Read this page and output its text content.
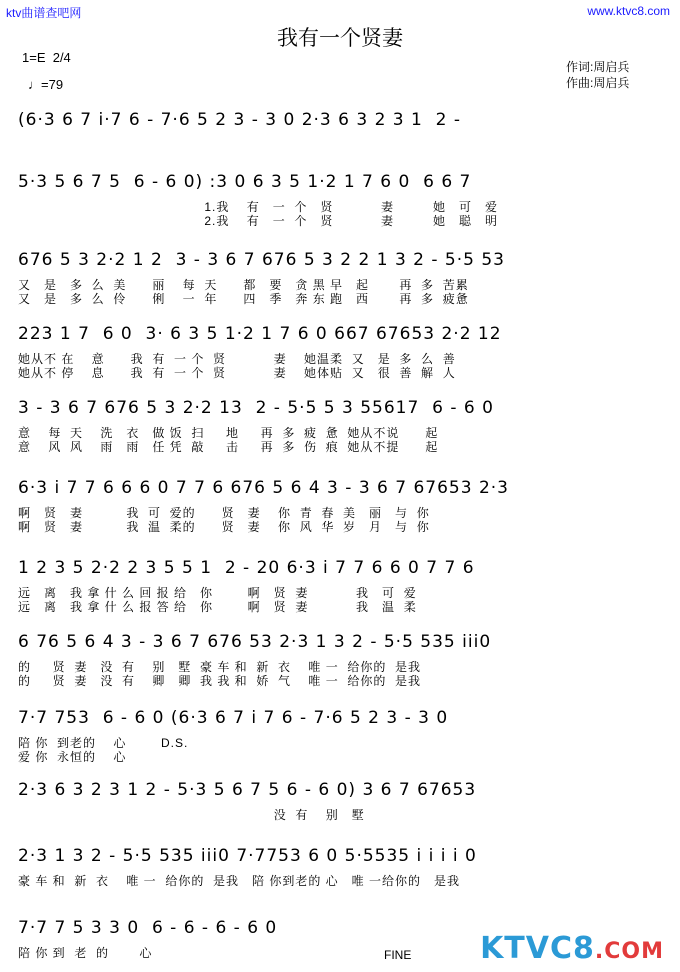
ktv曲谱查吧网	www.ktvc8.com
我有一个贤妻
1=E  2/4
♩=79
作词:周启兵
作曲:周启兵
(6·3 6 7 i·7 6 - 7·6 5 2 3 - 3 0 2·3 6 3 2 3 1  2 -
5·3 5 6 7 5  6 - 6 0) :3 0 6 3 5 1·2 1 7 6 0  6 6 7
1.我    有   一  个   贤           妻         她   可   爱
2.我    有   一  个   贤           妻         她   聪   明
676 5 3 2·2 1 2  3 - 3 6 7 676 5 3 2 2 1 3 2 - 5·5 53
又   是   多  么  美      丽    每  天      都   要   贪 黑 早   起       再  多  苦累
又   是   多  么  伶      俐    一  年      四   季   奔 东 跑   西       再  多  疲惫
223 1 7  6 0  3· 6 3 5 1·2 1 7 6 0 667 67653 2·2 12
她从不 在    意      我  有  一 个  贤           妻    她温柔  又   是  多  么  善
她从不 停    息      我  有  一 个  贤           妻    她体贴  又   很  善  解  人
3 - 3 6 7 676 5 3 2·2 13  2 - 5·5 5 3 55617  6 - 6 0
意    每  天    洗   衣   做 饭  扫     地     再  多  疲  惫  她从不说      起
意    风  风    雨   雨   任 凭  敲     击     再  多  伤  痕  她从不提      起
6·3 i 7 7 6 6 6 0 7 7 6 676 5 6 4 3 - 3 6 7 67653 2·3
啊   贤   妻          我  可  爱的      贤   妻    你  青  春  美   丽   与  你
啊   贤   妻          我  温  柔的      贤   妻    你  风  华  岁   月   与  你
1 2 3 5 2·2 2 3 5 5 1  2 - 20 6·3 i 7 7 6 6 0 7 7 6
远   离   我 拿 什 么 回 报 给   你        啊   贤  妻           我   可  爱
远   离   我 拿 什 么 报 答 给   你        啊   贤  妻           我   温  柔
6 76 5 6 4 3 - 3 6 7 676 53 2·3 1 3 2 - 5·5 535 iii0
的     贤  妻   没  有    别   墅  豪 车 和  新  衣    唯 一  给你的  是我
的     贤  妻   没  有    卿   卿  我 我 和  娇  气    唯 一  给你的  是我
7·7 753  6 - 6 0 (6·3 6 7 i 7 6 - 7·6 5 2 3 - 3 0
陪 你  到老的    心        D.S.
爱 你  永恒的    心
2·3 6 3 2 3 1 2 - 5·3 5 6 7 5 6 - 6 0) 3 6 7 67653
没  有    别   墅
2·3 1 3 2 - 5·5 535 iii0 7·7753 6 0 5·5535 i i i i 0
豪 车 和  新  衣    唯 一  给你的  是我   陪 你到老的 心   唯 一给你的   是我
7·7 7 5 3 3 0  6 - 6 - 6 - 6 0
陪 你 到  老  的       心	FINE KTVC8.COM
